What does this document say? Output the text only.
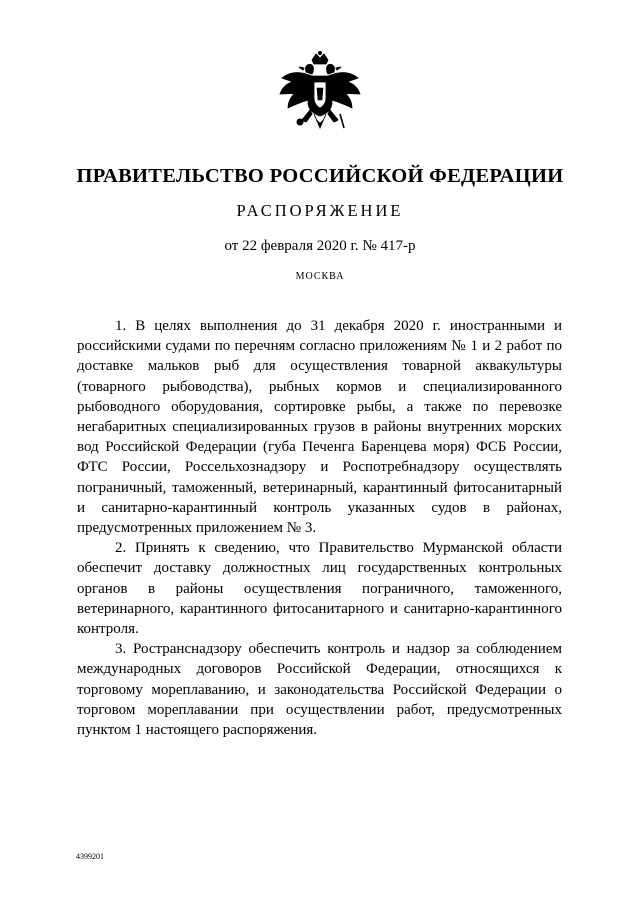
ПРАВИТЕЛЬСТВО РОССИЙСКОЙ ФЕДЕРАЦИИ
РАСПОРЯЖЕНИЕ
от 22 февраля 2020 г. № 417-р
МОСКВА

1. В целях выполнения до 31 декабря 2020 г. иностранными и российскими судами по перечням согласно приложениям № 1 и 2 работ по доставке мальков рыб для осуществления товарной аквакультуры (товарного рыбоводства), рыбных кормов и специализированного рыбоводного оборудования, сортировке рыбы, а также по перевозке негабаритных специализированных грузов в районы внутренних морских вод Российской Федерации (губа Печенга Баренцева моря) ФСБ России, ФТС России, Россельхознадзору и Роспотребнадзору осуществлять пограничный, таможенный, ветеринарный, карантинный фитосанитарный и санитарно-карантинный контроль указанных судов в районах, предусмотренных приложением № 3.

2. Принять к сведению, что Правительство Мурманской области обеспечит доставку должностных лиц государственных контрольных органов в районы осуществления пограничного, таможенного, ветеринарного, карантинного фитосанитарного и санитарно-карантинного контроля.

3. Ространснадзору обеспечить контроль и надзор за соблюдением международных договоров Российской Федерации, относящихся к торговому мореплаванию, и законодательства Российской Федерации о торговом мореплавании при осуществлении работ, предусмотренных пунктом 1 настоящего распоряжения.

4399201
